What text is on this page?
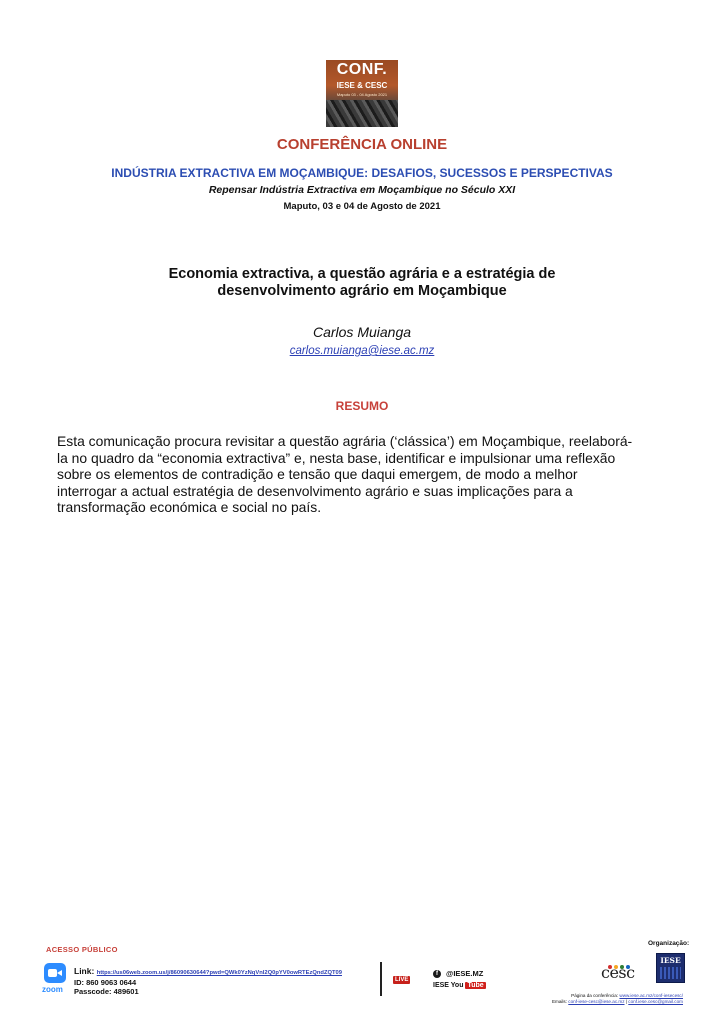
CONF.
IESE & CESC
Maputo 03 - 04 Agosto 2021
CONFERÊNCIA ONLINE
INDÚSTRIA EXTRACTIVA EM MOÇAMBIQUE: DESAFIOS, SUCESSOS E PERSPECTIVAS
Repensar Indústria Extractiva em Moçambique no Século XXI
Maputo, 03 e 04 de Agosto de 2021
Economia extractiva, a questão agrária e a estratégia de
desenvolvimento agrário em Moçambique
Carlos Muianga
carlos.muianga@iese.ac.mz
RESUMO
Esta comunicação procura revisitar a questão agrária (‘clássica’) em Moçambique, reelaborá-
la no quadro da “economia extractiva” e, nesta base, identificar e impulsionar uma reflexão
sobre os elementos de contradição e tensão que daqui emergem, de modo a melhor
interrogar a actual estratégia de desenvolvimento agrário e suas implicações para a
transformação económica e social no país.
ACESSO PÚBLICO
zoom
Link: https://us06web.zoom.us/j/86090630644?pwd=QWk0YzNqVnl2Q0pYV0owRTEzQndZQT09
ID: 860 9063 0644
Passcode: 489601
LIVE
f	@IESE.MZ
IESE You Tube
Organização:
cesc
IESE
Página da conferência: www.iese.ac.mz/conf-iesecesc/
Emails: conf-iese-cesc@iese.ac.mz | conf.iese.cesc@gmail.com
